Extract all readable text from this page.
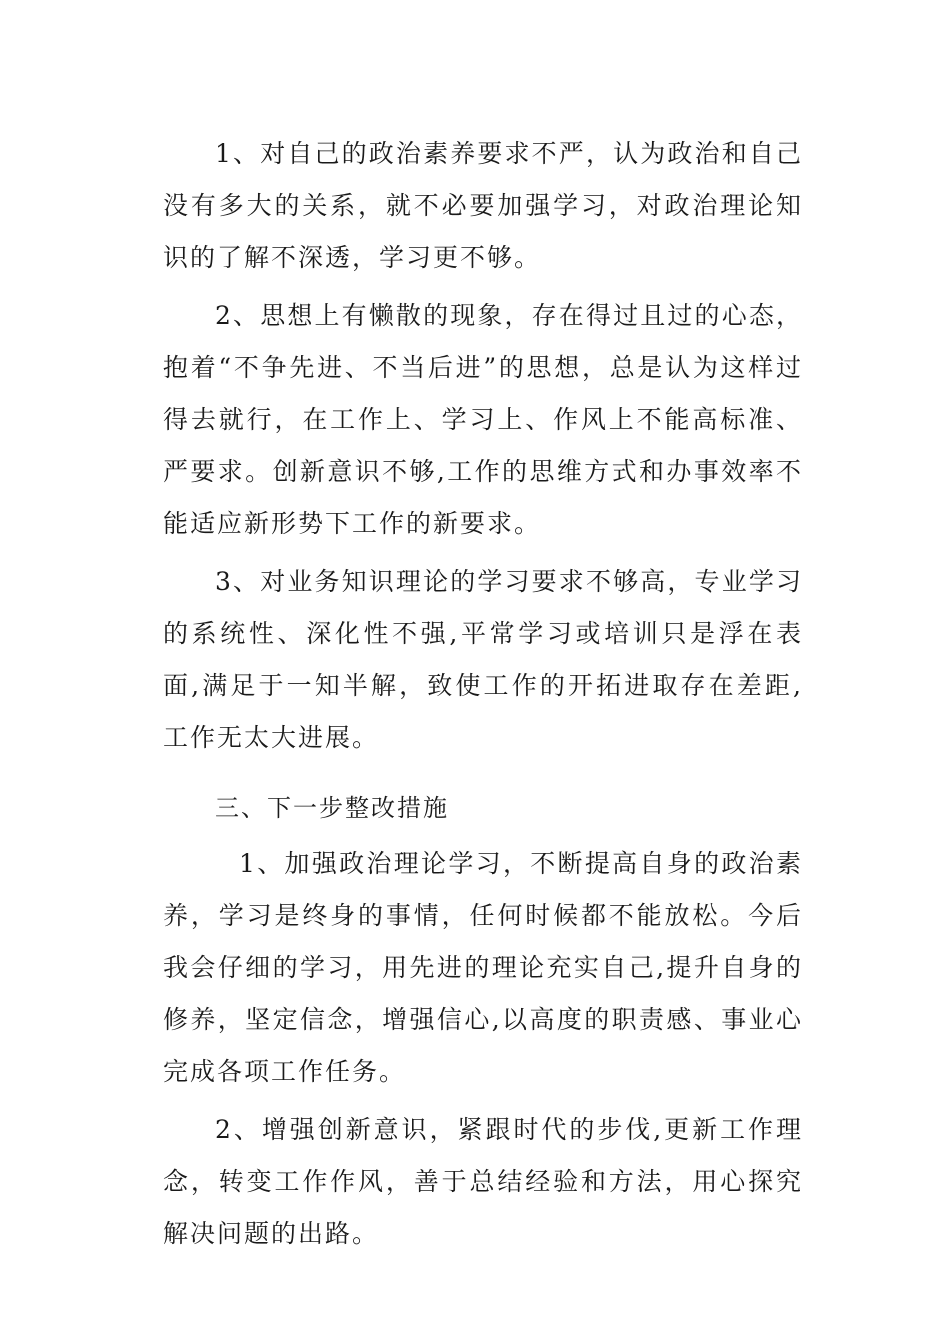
1、对自己的政治素养要求不严，认为政治和自己没有多大的关系，就不必要加强学习，对政治理论知识的了解不深透，学习更不够。

2、思想上有懒散的现象，存在得过且过的心态，抱着“不争先进、不当后进”的思想，总是认为这样过得去就行，在工作上、学习上、作风上不能高标准、严要求。创新意识不够,工作的思维方式和办事效率不能适应新形势下工作的新要求。

3、对业务知识理论的学习要求不够高，专业学习的系统性、深化性不强,平常学习或培训只是浮在表面,满足于一知半解，致使工作的开拓进取存在差距,工作无太大进展。

三、下一步整改措施

1、加强政治理论学习，不断提高自身的政治素养，学习是终身的事情，任何时候都不能放松。今后我会仔细的学习，用先进的理论充实自己,提升自身的修养，坚定信念，增强信心,以高度的职责感、事业心完成各项工作任务。

2、增强创新意识，紧跟时代的步伐,更新工作理念，转变工作作风，善于总结经验和方法，用心探究解决问题的出路。
